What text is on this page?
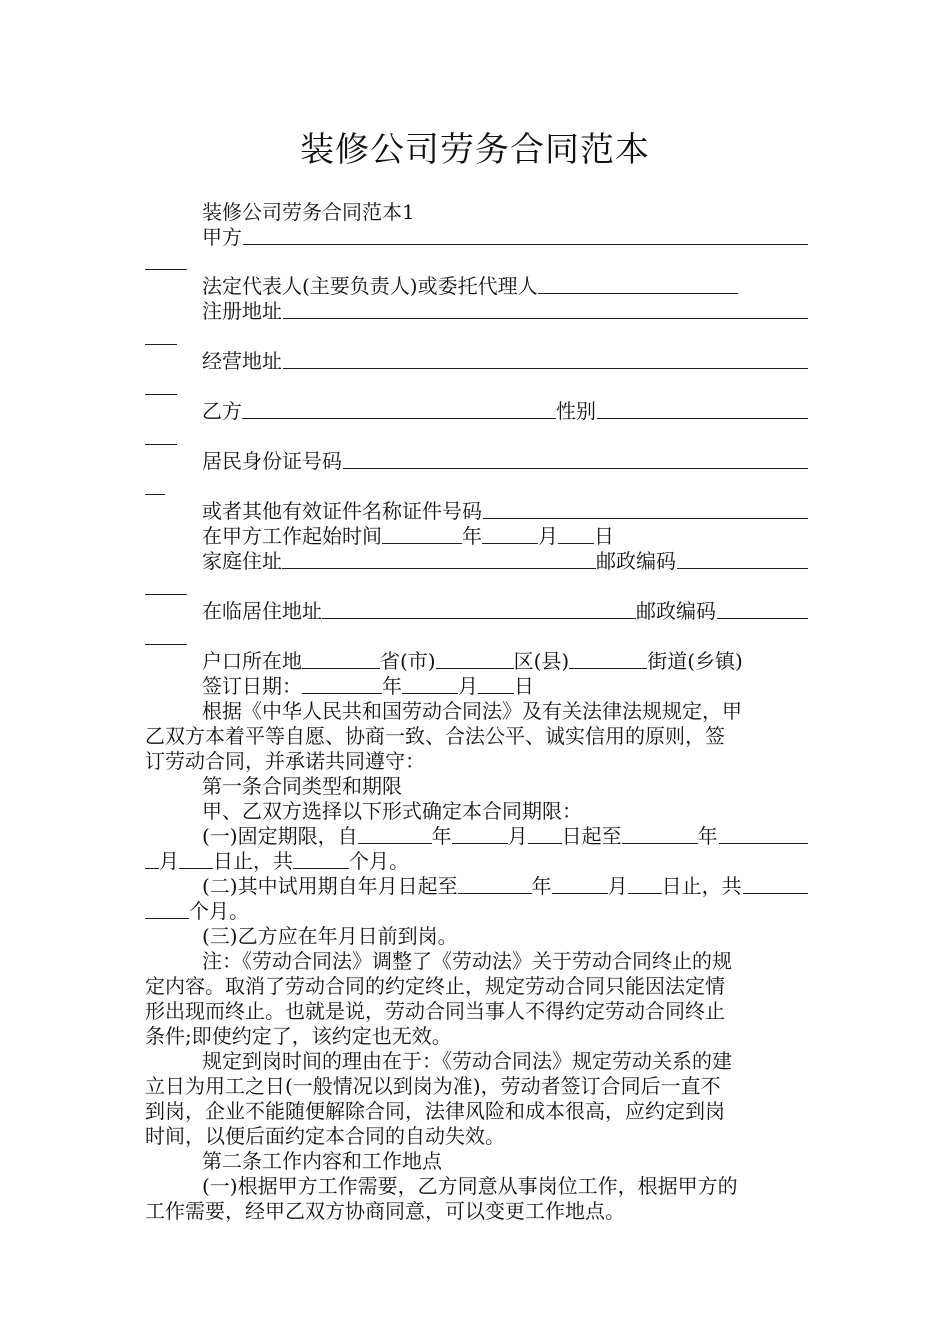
装修公司劳务合同范本
装修公司劳务合同范本1
甲方
法定代表人(主要负责人)或委托代理人
注册地址
经营地址
乙方	性别
居民身份证号码
或者其他有效证件名称证件号码
在甲方工作起始时间	年	月 日
家庭住址	邮政编码
在临居住地址	邮政编码
户口所在地	省(市)	区(县)	街道(乡镇)
签订日期：	年	月 日
根据《中华人民共和国劳动合同法》及有关法律法规规定，甲
乙双方本着平等自愿、协商一致、合法公平、诚实信用的原则，签
订劳动合同，并承诺共同遵守：
第一条合同类型和期限
甲、乙双方选择以下形式确定本合同期限：
(一)固定期限，自	年	月 日起至	年
月 日止，共	个月。
(二)其中试用期自年月日起至	年	月 日止，共
个月。
(三)乙方应在年月日前到岗。
注：《劳动合同法》调整了《劳动法》关于劳动合同终止的规
定内容。取消了劳动合同的约定终止，规定劳动合同只能因法定情
形出现而终止。也就是说，劳动合同当事人不得约定劳动合同终止
条件;即使约定了，该约定也无效。
规定到岗时间的理由在于：《劳动合同法》规定劳动关系的建
立日为用工之日(一般情况以到岗为准)，劳动者签订合同后一直不
到岗，企业不能随便解除合同，法律风险和成本很高，应约定到岗
时间，以便后面约定本合同的自动失效。
第二条工作内容和工作地点
(一)根据甲方工作需要，乙方同意从事岗位工作，根据甲方的
工作需要，经甲乙双方协商同意，可以变更工作地点。
